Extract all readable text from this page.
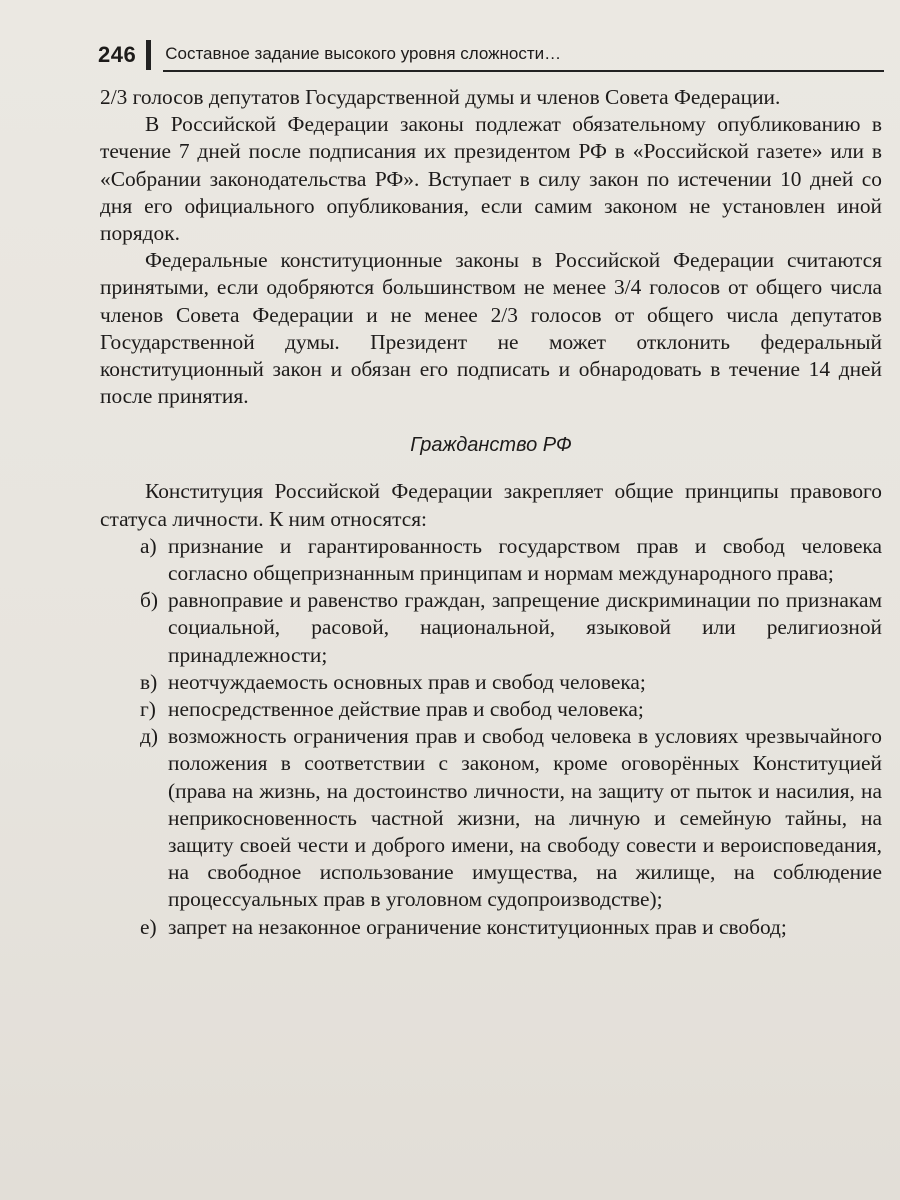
246 Составное задание высокого уровня сложности…

2/3 голосов депутатов Государственной думы и членов Совета Федерации.

В Российской Федерации законы подлежат обязательному опубликованию в течение 7 дней после подписания их президентом РФ в «Российской газете» или в «Собрании законодательства РФ». Вступает в силу закон по истечении 10 дней со дня его официального опубликования, если самим законом не установлен иной порядок.

Федеральные конституционные законы в Российской Федерации считаются принятыми, если одобряются большинством не менее 3/4 голосов от общего числа членов Совета Федерации и не менее 2/3 голосов от общего числа депутатов Государственной думы. Президент не может отклонить федеральный конституционный закон и обязан его подписать и обнародовать в течение 14 дней после принятия.

Гражданство РФ

Конституция Российской Федерации закрепляет общие принципы правового статуса личности. К ним относятся:

а) признание и гарантированность государством прав и свобод человека согласно общепризнанным принципам и нормам международного права;
б) равноправие и равенство граждан, запрещение дискриминации по признакам социальной, расовой, национальной, языковой или религиозной принадлежности;
в) неотчуждаемость основных прав и свобод человека;
г) непосредственное действие прав и свобод человека;
д) возможность ограничения прав и свобод человека в условиях чрезвычайного положения в соответствии с законом, кроме оговорённых Конституцией (права на жизнь, на достоинство личности, на защиту от пыток и насилия, на неприкосновенность частной жизни, на личную и семейную тайны, на защиту своей чести и доброго имени, на свободу совести и вероисповедания, на свободное использование имущества, на жилище, на соблюдение процессуальных прав в уголовном судопроизводстве);
е) запрет на незаконное ограничение конституционных прав и свобод;
